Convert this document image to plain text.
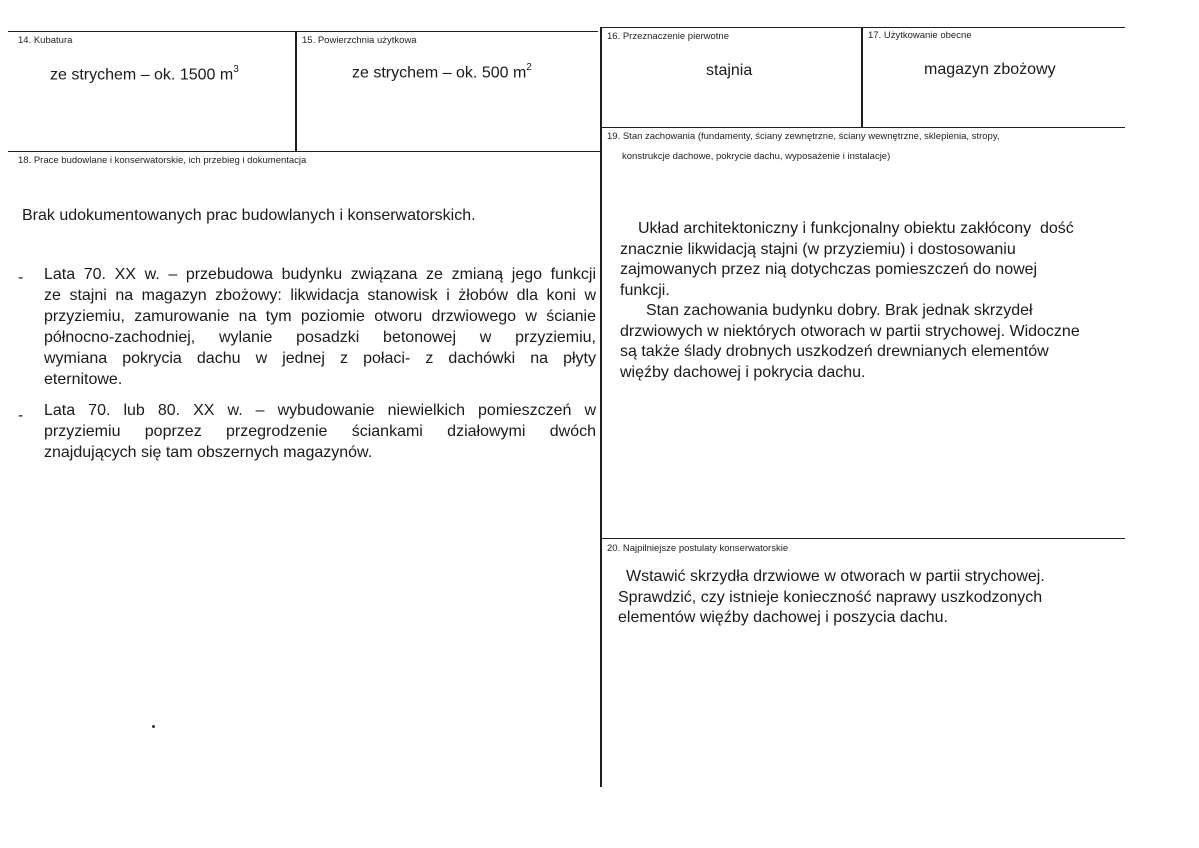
14. Kubatura
ze strychem – ok. 1500 $m^3$
15. Powierzchnia użytkowa
ze strychem – ok. 500 $m^2$
16. Przeznaczenie pierwotne
stajnia
17. Użytkowanie obecne
magazyn zbożowy
18. Prace budowlane i konserwatorskie, ich przebieg i dokumentacja
Brak udokumentowanych prac budowlanych i konserwatorskich.
- Lata 70. XX w. – przebudowa budynku związana ze zmianą jego funkcji
ze stajni na magazyn zbożowy: likwidacja stanowisk i żłobów dla koni w
przyziemiu, zamurowanie na tym poziomie otworu drzwiowego w ścianie
północno-zachodniej, wylanie posadzki betonowej w przyziemiu,
wymiana pokrycia dachu w jednej z połaci- z dachówki na płyty
eternitowe.
- Lata 70. lub 80. XX w. – wybudowanie niewielkich pomieszczeń w
przyziemiu poprzez przegrodzenie ściankami działowymi dwóch
znajdujących się tam obszernych magazynów.
19. Stan zachowania (fundamenty, ściany zewnętrzne, ściany wewnętrzne, sklepienia, stropy,
konstrukcje dachowe, pokrycie dachu, wyposażenie i instalacje)
Układ architektoniczny i funkcjonalny obiektu zakłócony  dość
znacznie likwidacją stajni (w przyziemiu) i dostosowaniu
zajmowanych przez nią dotychczas pomieszczeń do nowej
funkcji.
Stan zachowania budynku dobry. Brak jednak skrzydeł
drzwiowych w niektórych otworach w partii strychowej. Widoczne
są także ślady drobnych uszkodzeń drewnianych elementów
więźby dachowej i pokrycia dachu.
20. Najpilniejsze postulaty konserwatorskie
Wstawić skrzydła drzwiowe w otworach w partii strychowej.
Sprawdzić, czy istnieje konieczność naprawy uszkodzonych
elementów więźby dachowej i poszycia dachu.
